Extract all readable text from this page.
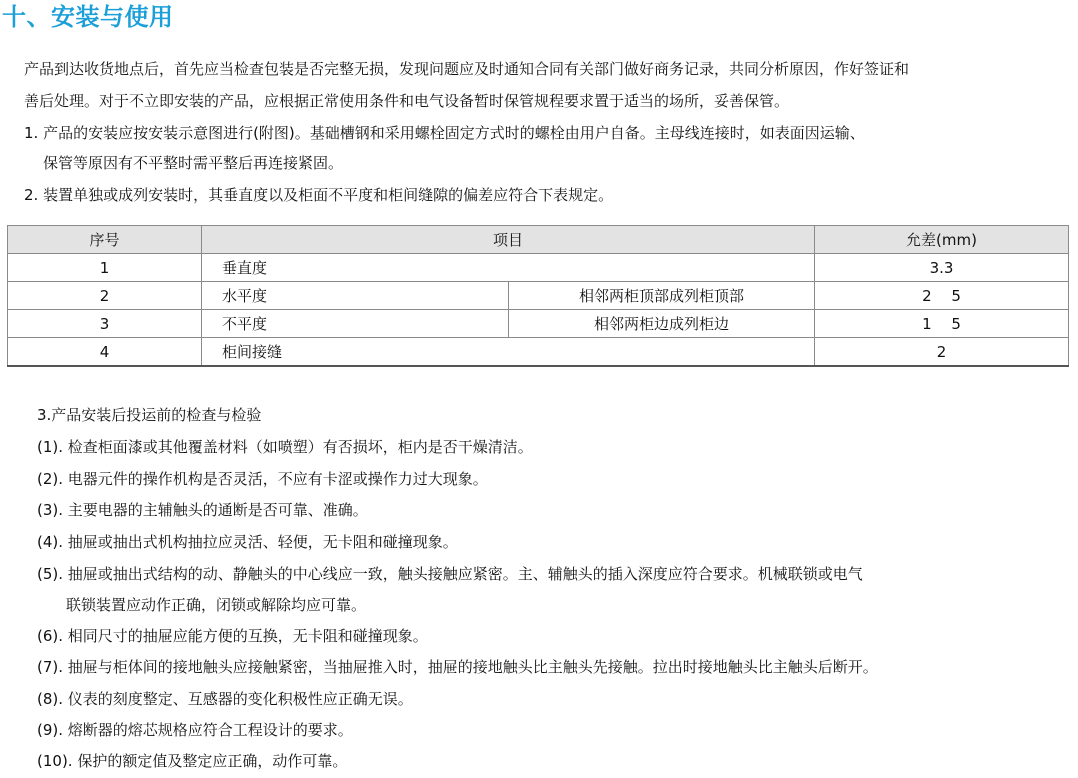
十、安装与使用
产品到达收货地点后，首先应当检查包装是否完整无损，发现问题应及时通知合同有关部门做好商务记录，共同分析原因，作好签证和
善后处理。对于不立即安装的产品，应根据正常使用条件和电气设备暂时保管规程要求置于适当的场所，妥善保管。
1. 产品的安装应按安装示意图进行(附图)。基础槽钢和采用螺栓固定方式时的螺栓由用户自备。主母线连接时，如表面因运输、
保管等原因有不平整时需平整后再连接紧固。
2. 装置单独或成列安装时，其垂直度以及柜面不平度和柜间缝隙的偏差应符合下表规定。
序号	项目		允差(mm)
1	垂直度		3.3
2	水平度	相邻两柜顶部成列柜顶部	2　 5
3	不平度	相邻两柜边成列柜边	1　 5
4	柜间接缝		2
3.产品安装后投运前的检查与检验
(1). 检查柜面漆或其他覆盖材料（如喷塑）有否损坏，柜内是否干燥清洁。
(2). 电器元件的操作机构是否灵活，不应有卡涩或操作力过大现象。
(3). 主要电器的主辅触头的通断是否可靠、准确。
(4). 抽屉或抽出式机构抽拉应灵活、轻便，无卡阻和碰撞现象。
(5). 抽屉或抽出式结构的动、静触头的中心线应一致，触头接触应紧密。主、辅触头的插入深度应符合要求。机械联锁或电气
联锁装置应动作正确，闭锁或解除均应可靠。
(6). 相同尺寸的抽屉应能方便的互换，无卡阻和碰撞现象。
(7). 抽屉与柜体间的接地触头应接触紧密，当抽屉推入时，抽屉的接地触头比主触头先接触。拉出时接地触头比主触头后断开。
(8). 仪表的刻度整定、互感器的变化积极性应正确无误。
(9). 熔断器的熔芯规格应符合工程设计的要求。
(10). 保护的额定值及整定应正确，动作可靠。
